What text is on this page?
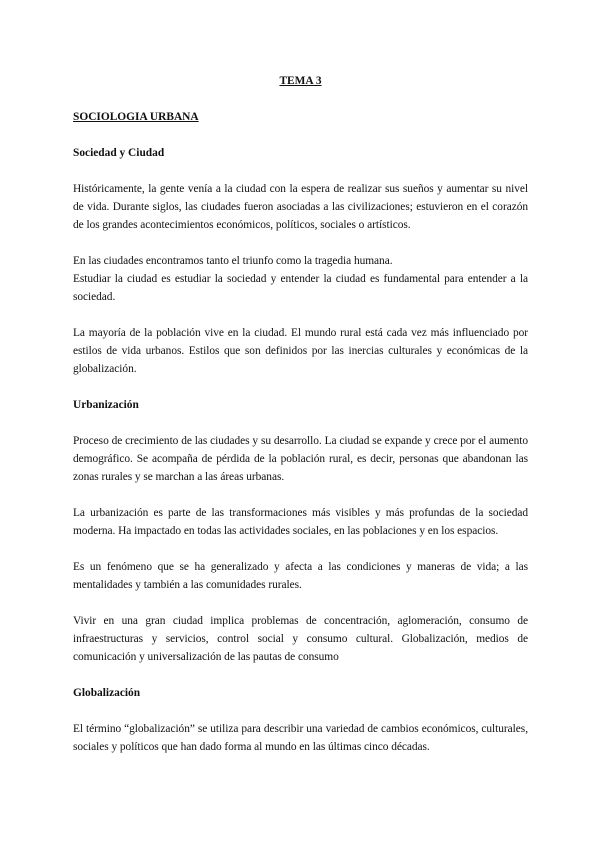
TEMA 3
SOCIOLOGIA URBANA
Sociedad y Ciudad

Históricamente, la gente venía a la ciudad con la espera de realizar sus sueños y aumentar su nivel de vida. Durante siglos, las ciudades fueron asociadas a las civilizaciones; estuvieron en el corazón de los grandes acontecimientos económicos, políticos, sociales o artísticos.

En las ciudades encontramos tanto el triunfo como la tragedia humana.

Estudiar la ciudad es estudiar la sociedad y entender la ciudad es fundamental para entender a la sociedad.

La mayoría de la población vive en la ciudad. El mundo rural está cada vez más influenciado por estilos de vida urbanos. Estilos que son definidos por las inercias culturales y económicas de la globalización.

Urbanización

Proceso de crecimiento de las ciudades y su desarrollo. La ciudad se expande y crece por el aumento demográfico. Se acompaña de pérdida de la población rural, es decir, personas que abandonan las zonas rurales y se marchan a las áreas urbanas.

La urbanización es parte de las transformaciones más visibles y más profundas de la sociedad moderna. Ha impactado en todas las actividades sociales, en las poblaciones y en los espacios.

Es un fenómeno que se ha generalizado y afecta a las condiciones y maneras de vida; a las mentalidades y también a las comunidades rurales.

Vivir en una gran ciudad implica problemas de concentración, aglomeración, consumo de infraestructuras y servicios, control social y consumo cultural. Globalización, medios de comunicación y universalización de las pautas de consumo

Globalización

El término “globalización” se utiliza para describir una variedad de cambios económicos, culturales, sociales y políticos que han dado forma al mundo en las últimas cinco décadas.
